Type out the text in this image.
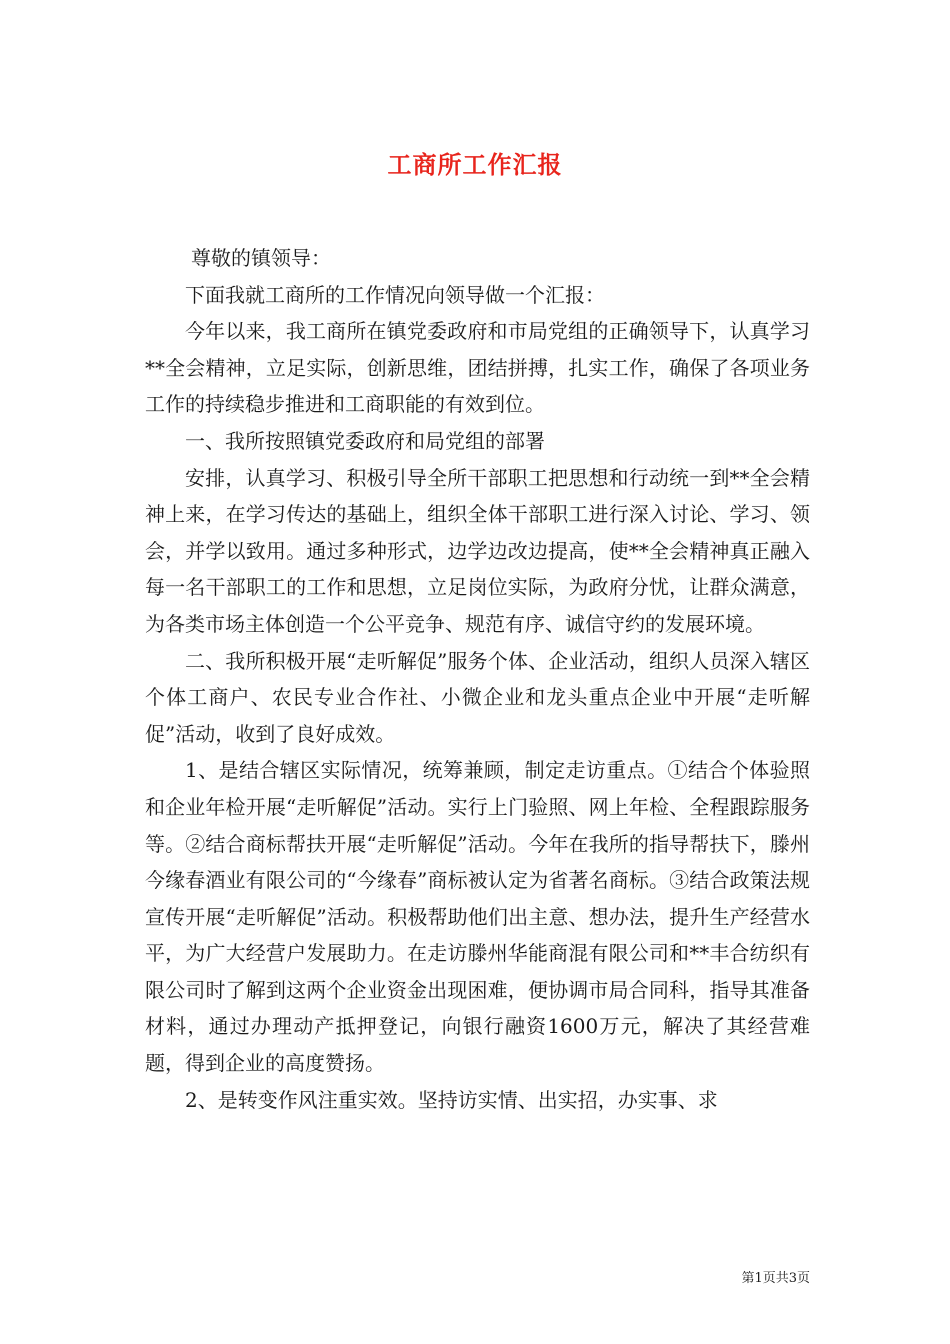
工商所工作汇报

尊敬的镇领导：

下面我就工商所的工作情况向领导做一个汇报：

今年以来，我工商所在镇党委政府和市局党组的正确领导下，认真学习**全会精神，立足实际，创新思维，团结拼搏，扎实工作，确保了各项业务工作的持续稳步推进和工商职能的有效到位。

一、我所按照镇党委政府和局党组的部署

安排，认真学习、积极引导全所干部职工把思想和行动统一到**全会精神上来，在学习传达的基础上，组织全体干部职工进行深入讨论、学习、领会，并学以致用。通过多种形式，边学边改边提高，使**全会精神真正融入每一名干部职工的工作和思想，立足岗位实际，为政府分忧，让群众满意，为各类市场主体创造一个公平竞争、规范有序、诚信守约的发展环境。

二、我所积极开展“走听解促”服务个体、企业活动，组织人员深入辖区个体工商户、农民专业合作社、小微企业和龙头重点企业中开展“走听解促”活动，收到了良好成效。

1、是结合辖区实际情况，统筹兼顾，制定走访重点。①结合个体验照和企业年检开展“走听解促”活动。实行上门验照、网上年检、全程跟踪服务等。②结合商标帮扶开展“走听解促”活动。今年在我所的指导帮扶下，滕州今缘春酒业有限公司的“今缘春”商标被认定为省著名商标。③结合政策法规宣传开展“走听解促”活动。积极帮助他们出主意、想办法，提升生产经营水平，为广大经营户发展助力。在走访滕州华能商混有限公司和**丰合纺织有限公司时了解到这两个企业资金出现困难，便协调市局合同科，指导其准备材料，通过办理动产抵押登记，向银行融资1600万元，解决了其经营难题，得到企业的高度赞扬。

2、是转变作风注重实效。坚持访实情、出实招，办实事、求

第1页共3页
